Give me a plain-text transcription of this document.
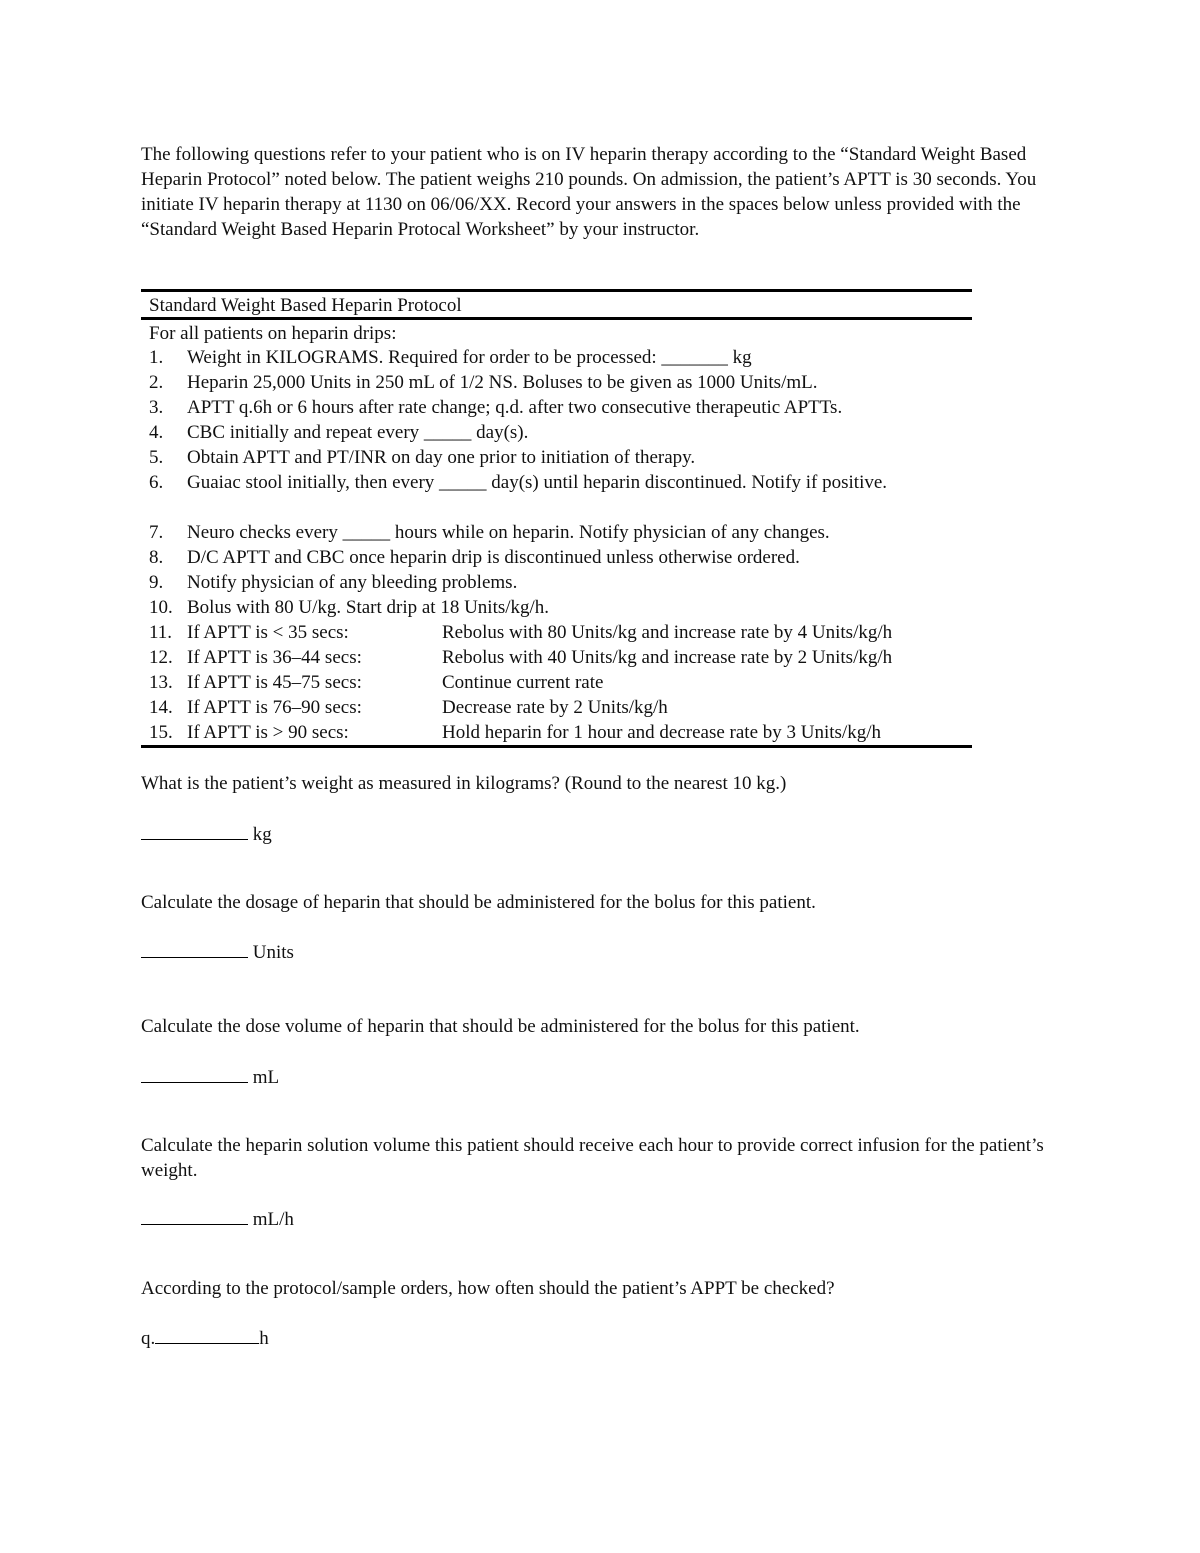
The following questions refer to your patient who is on IV heparin therapy according to the “Standard Weight Based Heparin Protocol” noted below. The patient weighs 210 pounds. On admission, the patient’s APTT is 30 seconds. You initiate IV heparin therapy at 1130 on 06/06/XX. Record your answers in the spaces below unless provided with the “Standard Weight Based Heparin Protocal Worksheet” by your instructor.

Standard Weight Based Heparin Protocol
For all patients on heparin drips:
1.	Weight in KILOGRAMS. Required for order to be processed: _______ kg
2.	Heparin 25,000 Units in 250 mL of 1/2 NS. Boluses to be given as 1000 Units/mL.
3.	APTT q.6h or 6 hours after rate change; q.d. after two consecutive therapeutic APTTs.
4.	CBC initially and repeat every _____ day(s).
5.	Obtain APTT and PT/INR on day one prior to initiation of therapy.
6. Guaiac stool initially, then every _____ day(s) until heparin discontinued. Notify if positive.
7.	Neuro checks every _____ hours while on heparin. Notify physician of any changes.
8.	D/C APTT and CBC once heparin drip is discontinued unless otherwise ordered.
9.	Notify physician of any bleeding problems.
10. Bolus with 80 U/kg. Start drip at 18 Units/kg/h.
11. If APTT is < 35 secs:	Rebolus with 80 Units/kg and increase rate by 4 Units/kg/h
12. If APTT is 36–44 secs:	Rebolus with 40 Units/kg and increase rate by 2 Units/kg/h
13. If APTT is 45–75 secs:	Continue current rate
14. If APTT is 76–90 secs:	Decrease rate by 2 Units/kg/h
15. If APTT is > 90 secs:	Hold heparin for 1 hour and decrease rate by 3 Units/kg/h

What is the patient’s weight as measured in kilograms? (Round to the nearest 10 kg.)

kg

Calculate the dosage of heparin that should be administered for the bolus for this patient.

Units

Calculate the dose volume of heparin that should be administered for the bolus for this patient.

mL

Calculate the heparin solution volume this patient should receive each hour to provide correct infusion for the patient’s weight.

mL/h

According to the protocol/sample orders, how often should the patient’s APPT be checked?

q.	h
